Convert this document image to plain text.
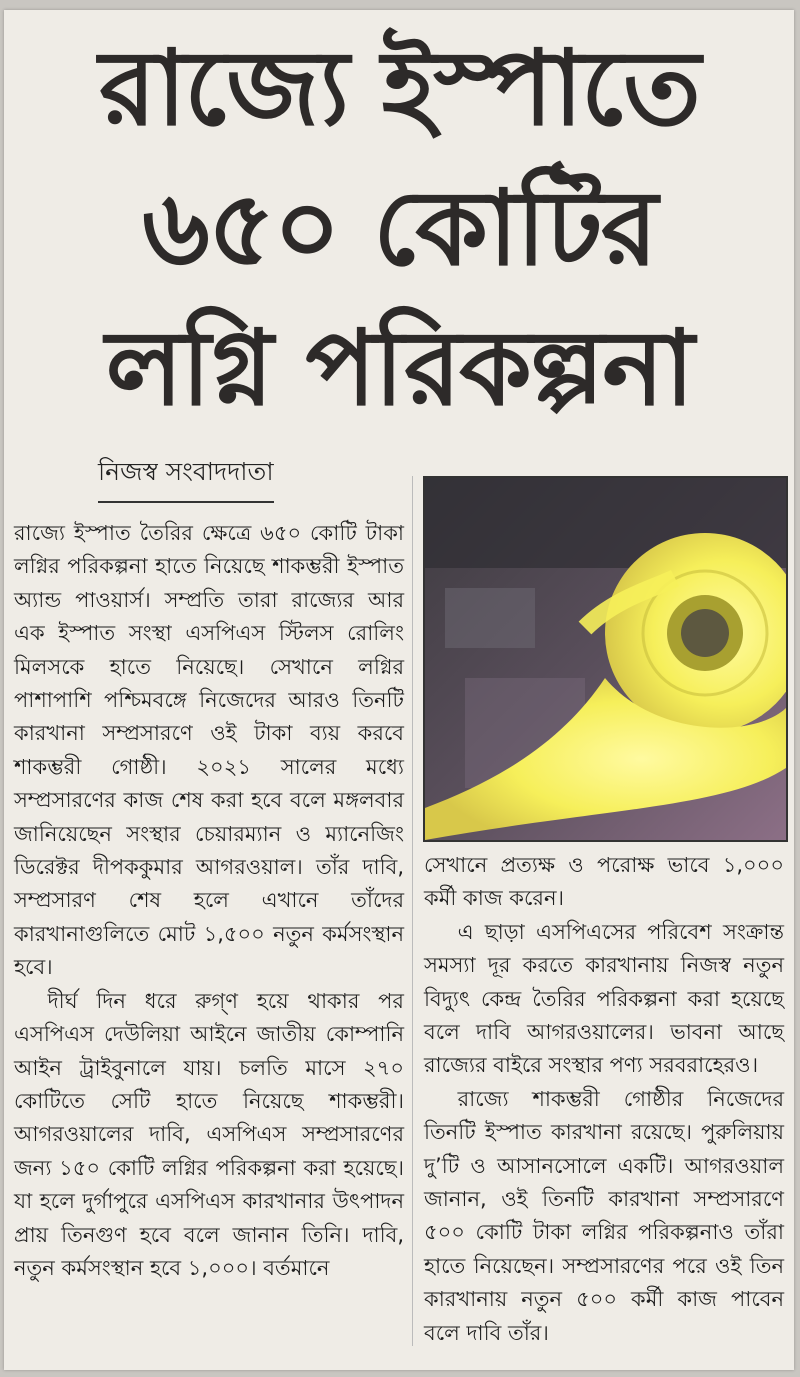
রাজ্যে ইস্পাতে
৬৫০ কোটির
লগ্নি পরিকল্পনা
নিজস্ব সংবাদদাতা

রাজ্যে ইস্পাত তৈরির ক্ষেত্রে ৬৫০ কোটি টাকা লগ্নির পরিকল্পনা হাতে নিয়েছে শাকম্ভরী ইস্পাত অ্যান্ড পাওয়ার্স। সম্প্রতি তারা রাজ্যের আর এক ইস্পাত সংস্থা এসপিএস স্টিলস রোলিং মিলসকে হাতে নিয়েছে। সেখানে লগ্নির পাশাপাশি পশ্চিমবঙ্গে নিজেদের আরও তিনটি কারখানা সম্প্রসারণে ওই টাকা ব্যয় করবে শাকম্ভরী গোষ্ঠী। ২০২১ সালের মধ্যে সম্প্রসারণের কাজ শেষ করা হবে বলে মঙ্গলবার জানিয়েছেন সংস্থার চেয়ারম্যান ও ম্যানেজিং ডিরেক্টর দীপককুমার আগরওয়াল। তাঁর দাবি, সম্প্রসারণ শেষ হলে এখানে তাঁদের কারখানাগুলিতে মোট ১,৫০০ নতুন কর্মসংস্থান হবে।

দীর্ঘ দিন ধরে রুগ্‌ণ হয়ে থাকার পর এসপিএস দেউলিয়া আইনে জাতীয় কোম্পানি আইন ট্রাইবুনালে যায়। চলতি মাসে ২৭০ কোটিতে সেটি হাতে নিয়েছে শাকম্ভরী। আগরওয়ালের দাবি, এসপিএস সম্প্রসারণের জন্য ১৫০ কোটি লগ্নির পরিকল্পনা করা হয়েছে। যা হলে দুর্গাপুরে এসপিএস কারখানার উৎপাদন প্রায় তিনগুণ হবে বলে জানান তিনি। দাবি, নতুন কর্মসংস্থান হবে ১,০০০। বর্তমানে

সেখানে প্রত্যক্ষ ও পরোক্ষ ভাবে ১,০০০ কর্মী কাজ করেন।

এ ছাড়া এসপিএসের পরিবেশ সংক্রান্ত সমস্যা দূর করতে কারখানায় নিজস্ব নতুন বিদ্যুৎ কেন্দ্র তৈরির পরিকল্পনা করা হয়েছে বলে দাবি আগরওয়ালের। ভাবনা আছে রাজ্যের বাইরে সংস্থার পণ্য সরবরাহেরও।

রাজ্যে শাকম্ভরী গোষ্ঠীর নিজেদের তিনটি ইস্পাত কারখানা রয়েছে। পুরুলিয়ায় দু’টি ও আসানসোলে একটি। আগরওয়াল জানান, ওই তিনটি কারখানা সম্প্রসারণে ৫০০ কোটি টাকা লগ্নির পরিকল্পনাও তাঁরা হাতে নিয়েছেন। সম্প্রসারণের পরে ওই তিন কারখানায় নতুন ৫০০ কর্মী কাজ পাবেন বলে দাবি তাঁর।
